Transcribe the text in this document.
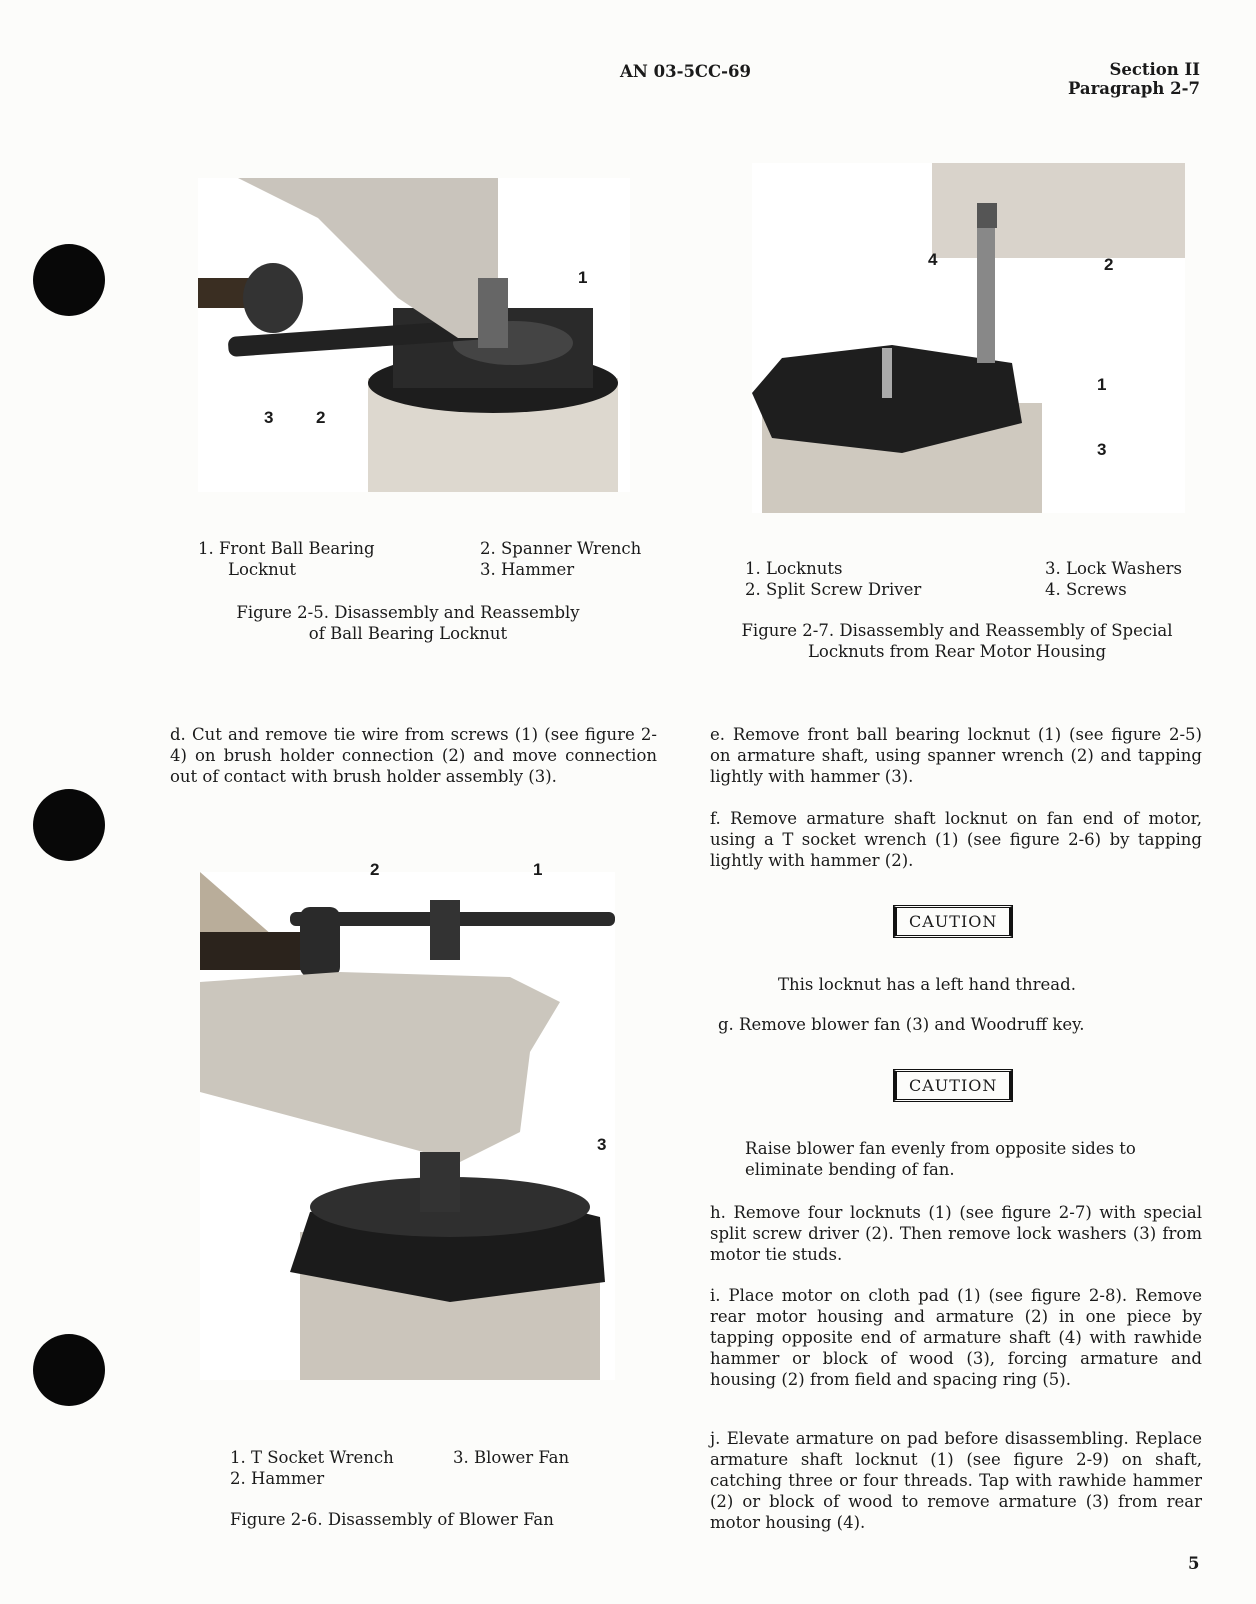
AN 03-5CC-69	Section II
Paragraph 2-7
1
2
3
1. Front Ball Bearing
Locknut
2. Spanner Wrench
3. Hammer
Figure 2-5. Disassembly and Reassembly
of Ball Bearing Locknut
1
2
3
4
1. Locknuts
2. Split Screw Driver
3. Lock Washers
4. Screws
Figure 2-7. Disassembly and Reassembly of Special
Locknuts from Rear Motor Housing

d. Cut and remove tie wire from screws (1) (see figure 2-4) on brush holder connection (2) and move connection out of contact with brush holder assembly (3).

1
2
3
1. T Socket Wrench
2. Hammer
3. Blower Fan
Figure 2-6. Disassembly of Blower Fan

e. Remove front ball bearing locknut (1) (see figure 2-5) on armature shaft, using spanner wrench (2) and tapping lightly with hammer (3).

f. Remove armature shaft locknut on fan end of motor, using a T socket wrench (1) (see figure 2-6) by tapping lightly with hammer (2).

CAUTION

This locknut has a left hand thread.

g. Remove blower fan (3) and Woodruff key.

CAUTION

Raise blower fan evenly from opposite sides to eliminate bending of fan.

h. Remove four locknuts (1) (see figure 2-7) with special split screw driver (2). Then remove lock washers (3) from motor tie studs.

i. Place motor on cloth pad (1) (see figure 2-8). Remove rear motor housing and armature (2) in one piece by tapping opposite end of armature shaft (4) with rawhide hammer or block of wood (3), forcing armature and housing (2) from field and spacing ring (5).

j. Elevate armature on pad before disassembling. Replace armature shaft locknut (1) (see figure 2-9) on shaft, catching three or four threads. Tap with rawhide hammer (2) or block of wood to remove armature (3) from rear motor housing (4).

5
